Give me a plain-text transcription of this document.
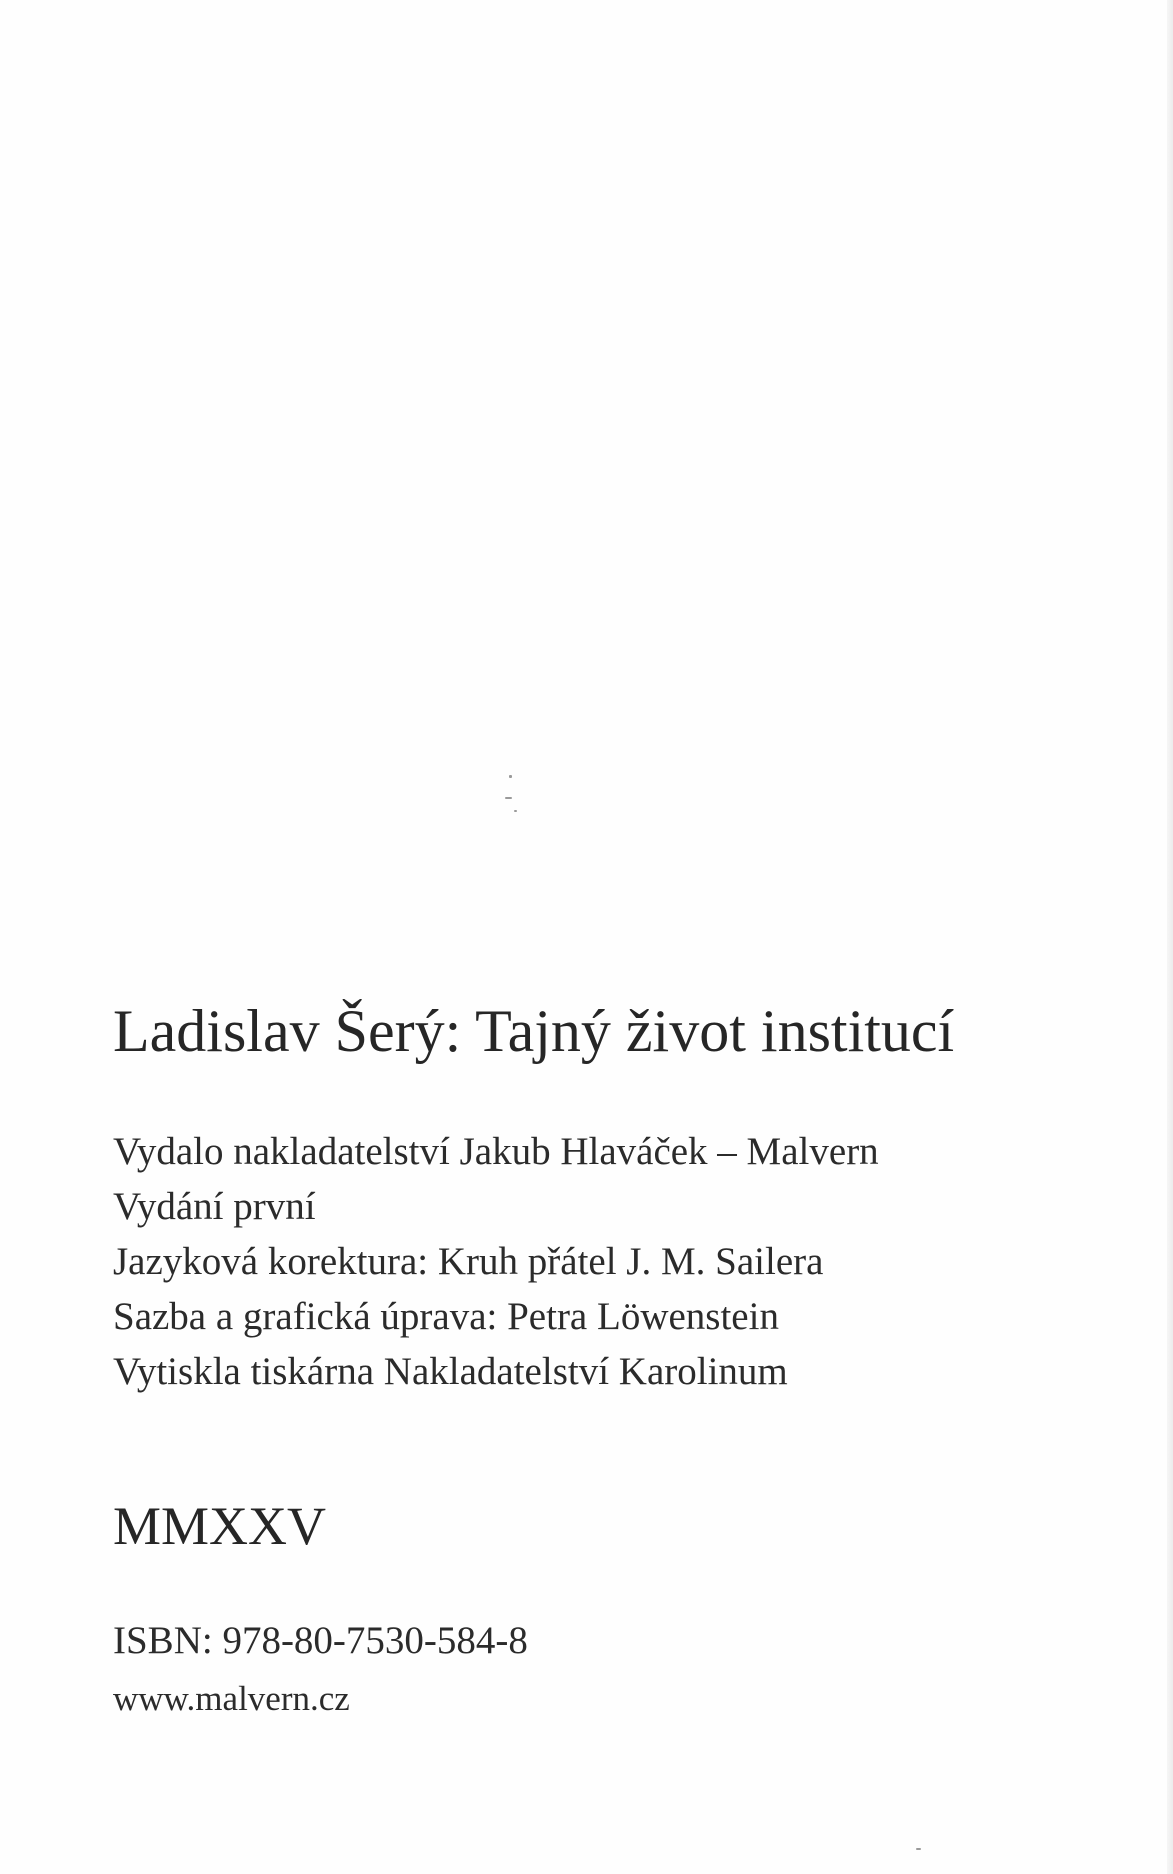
Ladislav Šerý: Tajný život institucí
Vydalo nakladatelství Jakub Hlaváček – Malvern
Vydání první
Jazyková korektura: Kruh přátel J. M. Sailera
Sazba a grafická úprava: Petra Löwenstein
Vytiskla tiskárna Nakladatelství Karolinum
MMXXV
ISBN: 978-80-7530-584-8
www.malvern.cz
